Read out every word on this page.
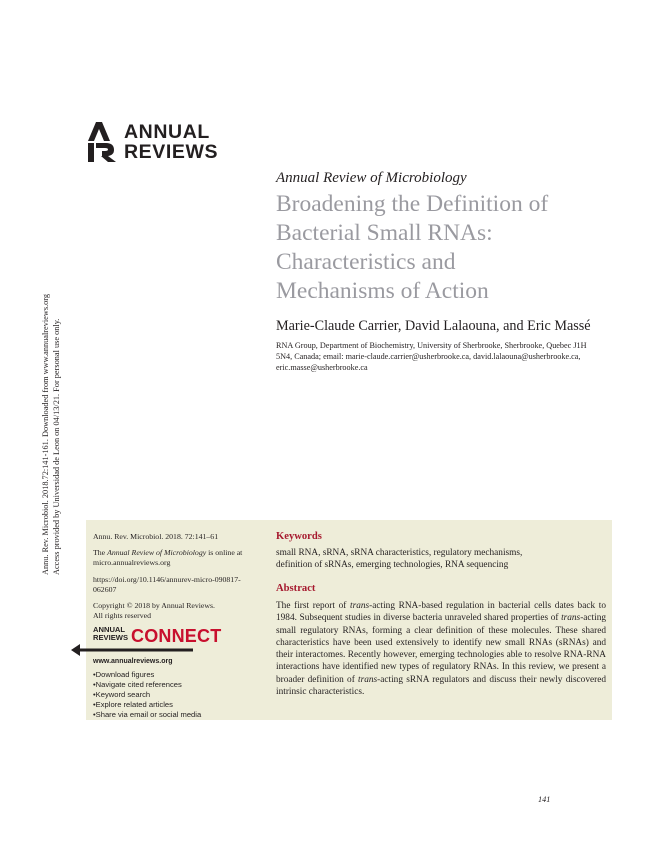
ANNUAL
REVIEWS
Annu. Rev. Microbiol. 2018.72:141-161. Downloaded from www.annualreviews.org Access provided by Universidad de Leon on 04/13/21. For personal use only.
Annual Review of Microbiology
Broadening the Definition of
Bacterial Small RNAs:
Characteristics and
Mechanisms of Action
Marie-Claude Carrier, David Lalaouna, and Eric Massé
RNA Group, Department of Biochemistry, University of Sherbrooke, Sherbrooke, Quebec J1H
5N4, Canada; email: marie-claude.carrier@usherbrooke.ca, david.lalaouna@usherbrooke.ca,
eric.masse@usherbrooke.ca

Annu. Rev. Microbiol. 2018. 72:141–61

The Annual Review of Microbiology is online at
micro.annualreviews.org

https://doi.org/10.1146/annurev-micro-090817-
062607

Copyright © 2018 by Annual Reviews.
All rights reserved

ANNUAL
REVIEWS CONNECT
www.annualreviews.org
• Download figures
• Navigate cited references
• Keyword search
• Explore related articles
• Share via email or social media
Keywords
small RNA, sRNA, sRNA characteristics, regulatory mechanisms,
definition of sRNAs, emerging technologies, RNA sequencing
Abstract

The first report of trans-acting RNA-based regulation in bacterial cells dates back to 1984. Subsequent studies in diverse bacteria unraveled shared properties of trans-acting small regulatory RNAs, forming a clear definition of these molecules. These shared characteristics have been used extensively to identify new small RNAs (sRNAs) and their interactomes. Recently however, emerging technologies able to resolve RNA-RNA interactions have identified new types of regulatory RNAs. In this review, we present a broader definition of trans-acting sRNA regulators and discuss their newly discovered intrinsic characteristics.

141
